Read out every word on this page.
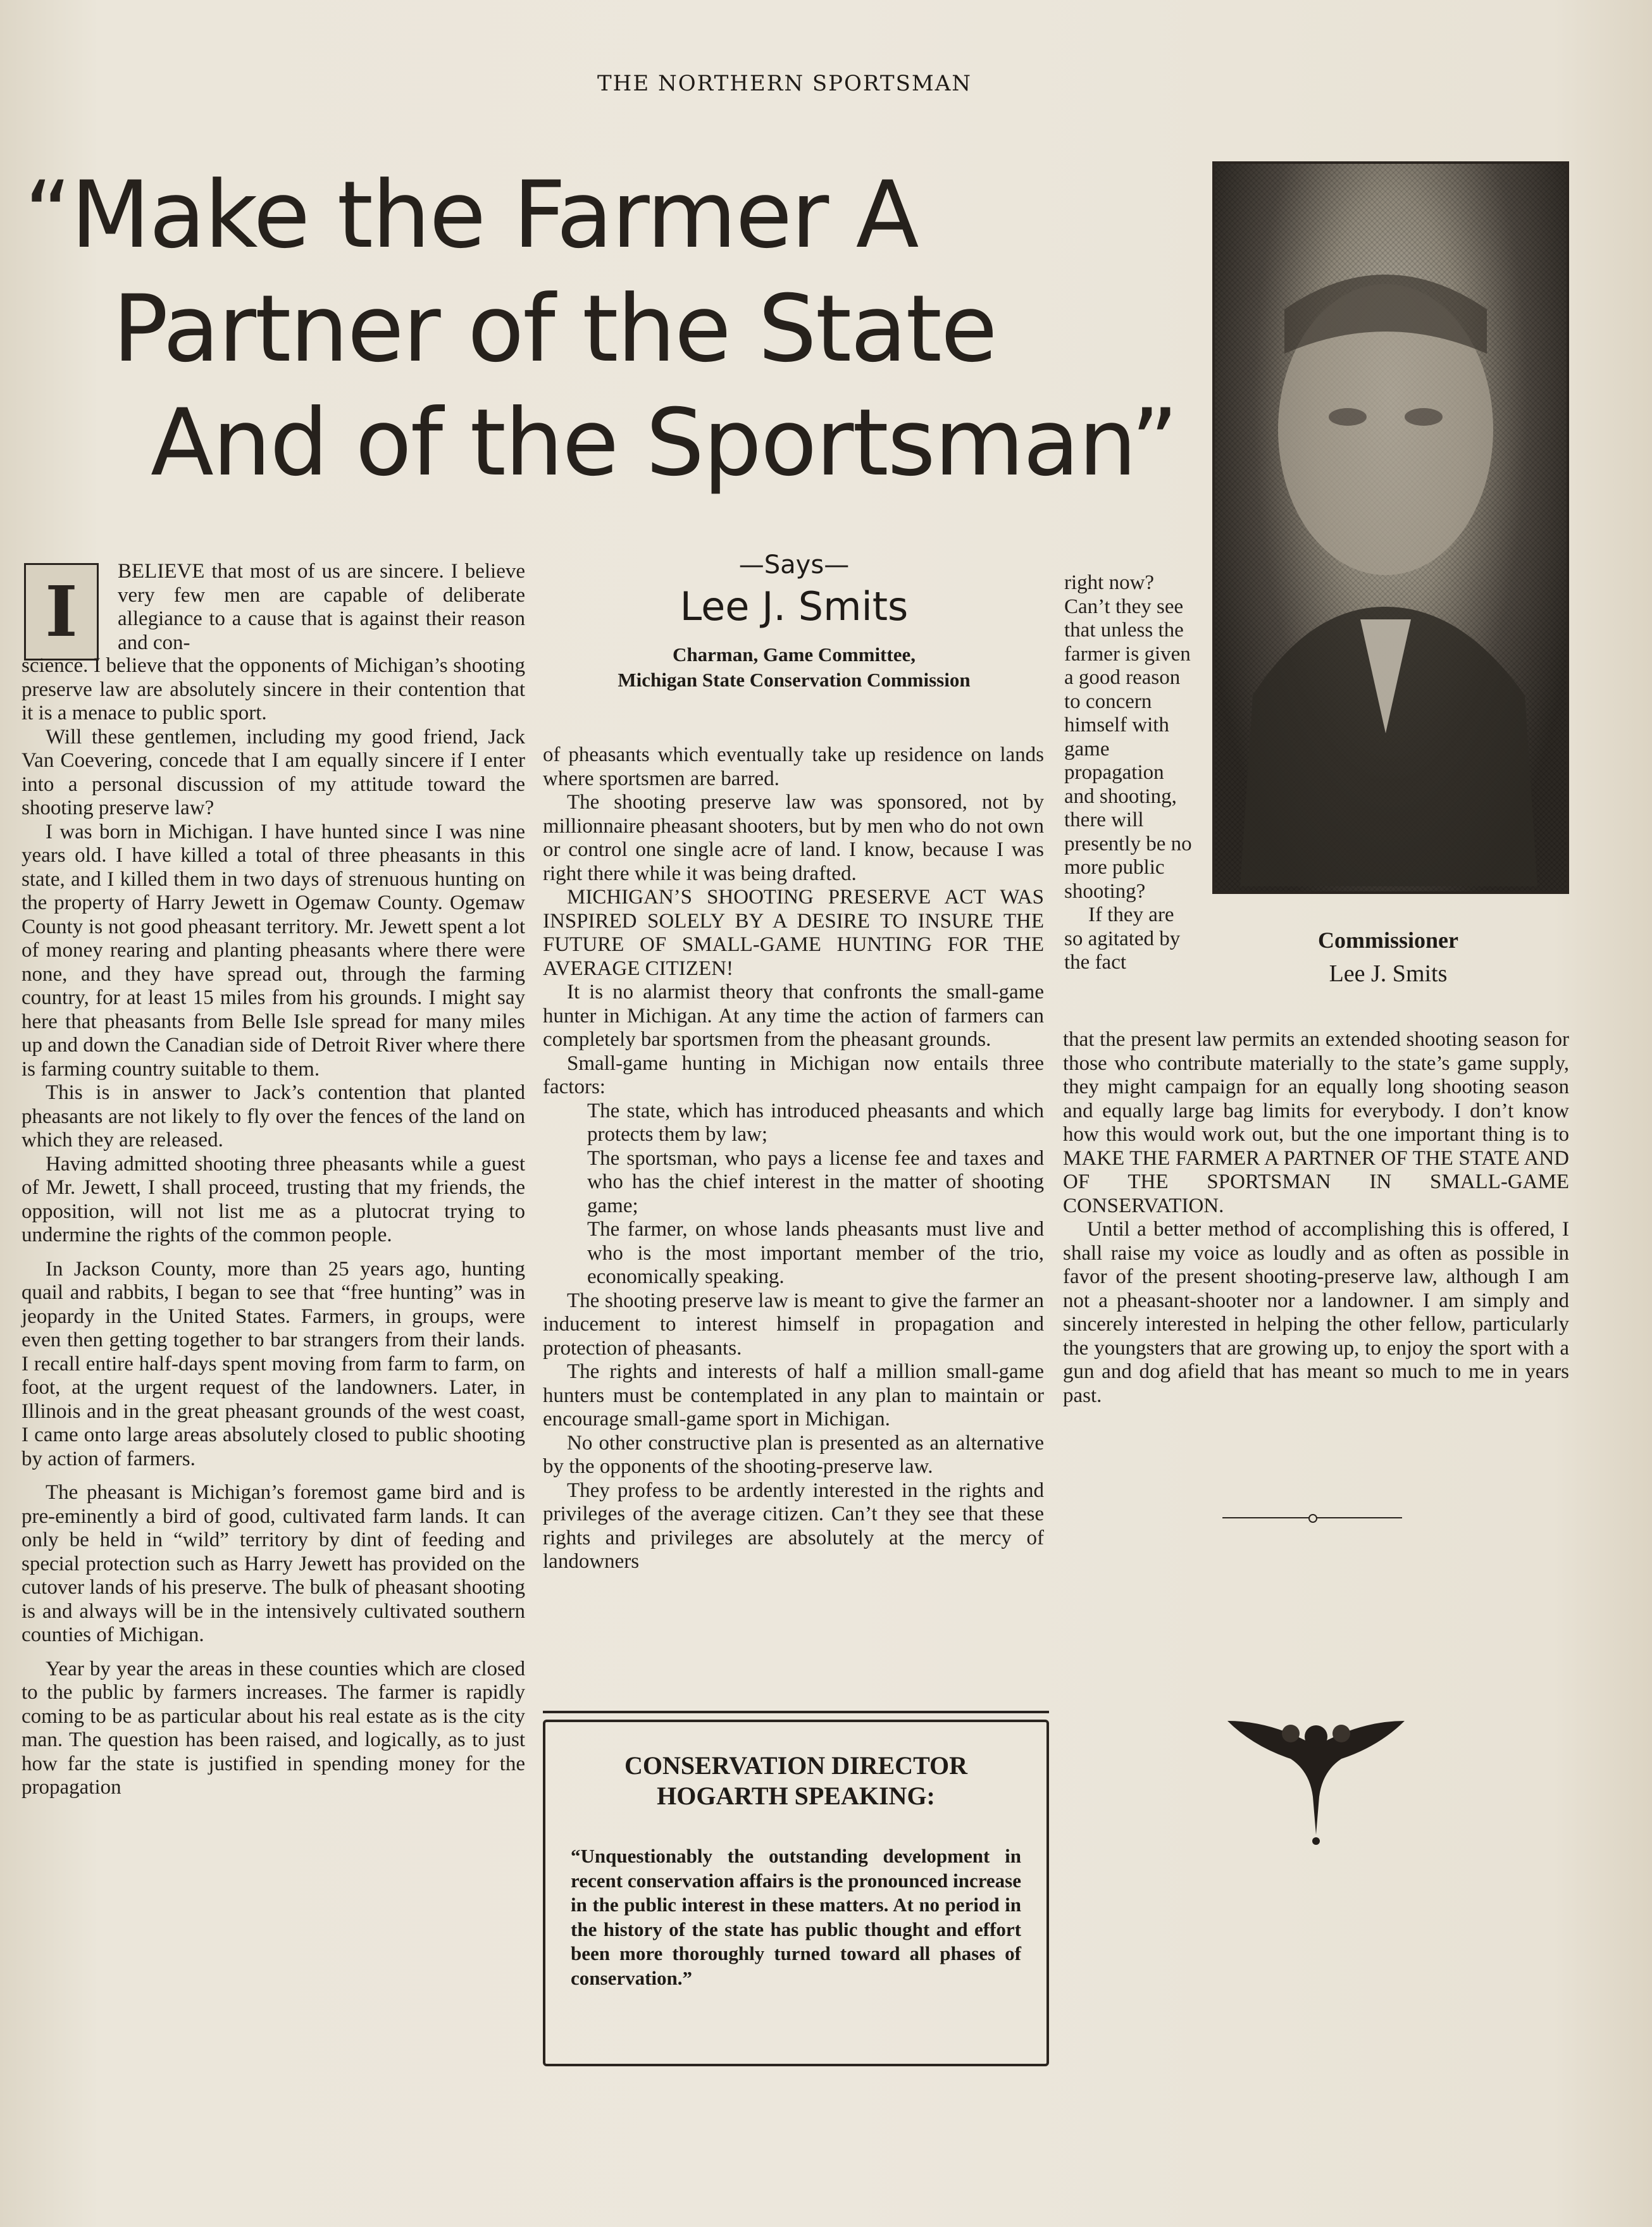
THE NORTHERN SPORTSMAN
“Make the Farmer A
Partner of the State
And of the Sportsman”
Commissioner
Lee J. Smits
I	BELIEVE that most of us are sincere. I believe very few men are capable of deliberate allegiance to a cause that is against their reason and con-

science. I believe that the opponents of Michigan’s shooting preserve law are absolutely sincere in their contention that it is a menace to public sport.

Will these gentlemen, including my good friend, Jack Van Coevering, concede that I am equally sincere if I enter into a personal discussion of my attitude toward the shooting preserve law?

I was born in Michigan. I have hunted since I was nine years old. I have killed a total of three pheasants in this state, and I killed them in two days of strenuous hunting on the property of Harry Jewett in Ogemaw County. Ogemaw County is not good pheasant territory. Mr. Jewett spent a lot of money rearing and planting pheasants where there were none, and they have spread out, through the farming country, for at least 15 miles from his grounds. I might say here that pheasants from Belle Isle spread for many miles up and down the Canadian side of Detroit River where there is farming country suitable to them.

This is in answer to Jack’s contention that planted pheasants are not likely to fly over the fences of the land on which they are released.

Having admitted shooting three pheasants while a guest of Mr. Jewett, I shall proceed, trusting that my friends, the opposition, will not list me as a plutocrat trying to undermine the rights of the common people.

In Jackson County, more than 25 years ago, hunting quail and rabbits, I began to see that “free hunting” was in jeopardy in the United States. Farmers, in groups, were even then getting together to bar strangers from their lands. I recall entire half-days spent moving from farm to farm, on foot, at the urgent request of the landowners. Later, in Illinois and in the great pheasant grounds of the west coast, I came onto large areas absolutely closed to public shooting by action of farmers.

The pheasant is Michigan’s foremost game bird and is pre-eminently a bird of good, cultivated farm lands. It can only be held in “wild” territory by dint of feeding and special protection such as Harry Jewett has provided on the cutover lands of his preserve. The bulk of pheasant shooting is and always will be in the intensively cultivated southern counties of Michigan.

Year by year the areas in these counties which are closed to the public by farmers increases. The farmer is rapidly coming to be as particular about his real estate as is the city man. The question has been raised, and logically, as to just how far the state is justified in spending money for the propagation

—Says—
Lee J. Smits
Charman, Game Committee,
Michigan State Conservation Commission

of pheasants which eventually take up residence on lands where sportsmen are barred.

The shooting preserve law was sponsored, not by millionnaire pheasant shooters, but by men who do not own or control one single acre of land. I know, because I was right there while it was being drafted.

MICHIGAN’S SHOOTING PRESERVE ACT WAS INSPIRED SOLELY BY A DESIRE TO INSURE THE FUTURE OF SMALL-GAME HUNTING FOR THE AVERAGE CITIZEN!

It is no alarmist theory that confronts the small-game hunter in Michigan. At any time the action of farmers can completely bar sportsmen from the pheasant grounds.

Small-game hunting in Michigan now entails three factors:

The state, which has introduced pheasants and which protects them by law;

The sportsman, who pays a license fee and taxes and who has the chief interest in the matter of shooting game;

The farmer, on whose lands pheasants must live and who is the most important member of the trio, economically speaking.

The shooting preserve law is meant to give the farmer an inducement to interest himself in propagation and protection of pheasants.

The rights and interests of half a million small-game hunters must be contemplated in any plan to maintain or encourage small-game sport in Michigan.

No other constructive plan is presented as an alternative by the opponents of the shooting-preserve law.

They profess to be ardently interested in the rights and privileges of the average citizen. Can’t they see that these rights and privileges are absolutely at the mercy of landowners

right now? Can’t they see that unless the farmer is given a good reason to concern himself with game propagation and shooting, there will presently be no more public shooting?

If they are so agitated by the fact

that the present law permits an extended shooting season for those who contribute materially to the state’s game supply, they might campaign for an equally long shooting season and equally large bag limits for everybody. I don’t know how this would work out, but the one important thing is to MAKE THE FARMER A PARTNER OF THE STATE AND OF THE SPORTSMAN IN SMALL-GAME CONSERVATION.

Until a better method of accomplishing this is offered, I shall raise my voice as loudly and as often as possible in favor of the present shooting-preserve law, although I am not a pheasant-shooter nor a landowner. I am simply and sincerely interested in helping the other fellow, particularly the youngsters that are growing up, to enjoy the sport with a gun and dog afield that has meant so much to me in years past.

CONSERVATION DIRECTOR
HOGARTH SPEAKING:
“Unquestionably the outstanding development in recent conservation affairs is the pronounced increase in the public interest in these matters. At no period in the history of the state has public thought and effort been more thoroughly turned toward all phases of conservation.”
